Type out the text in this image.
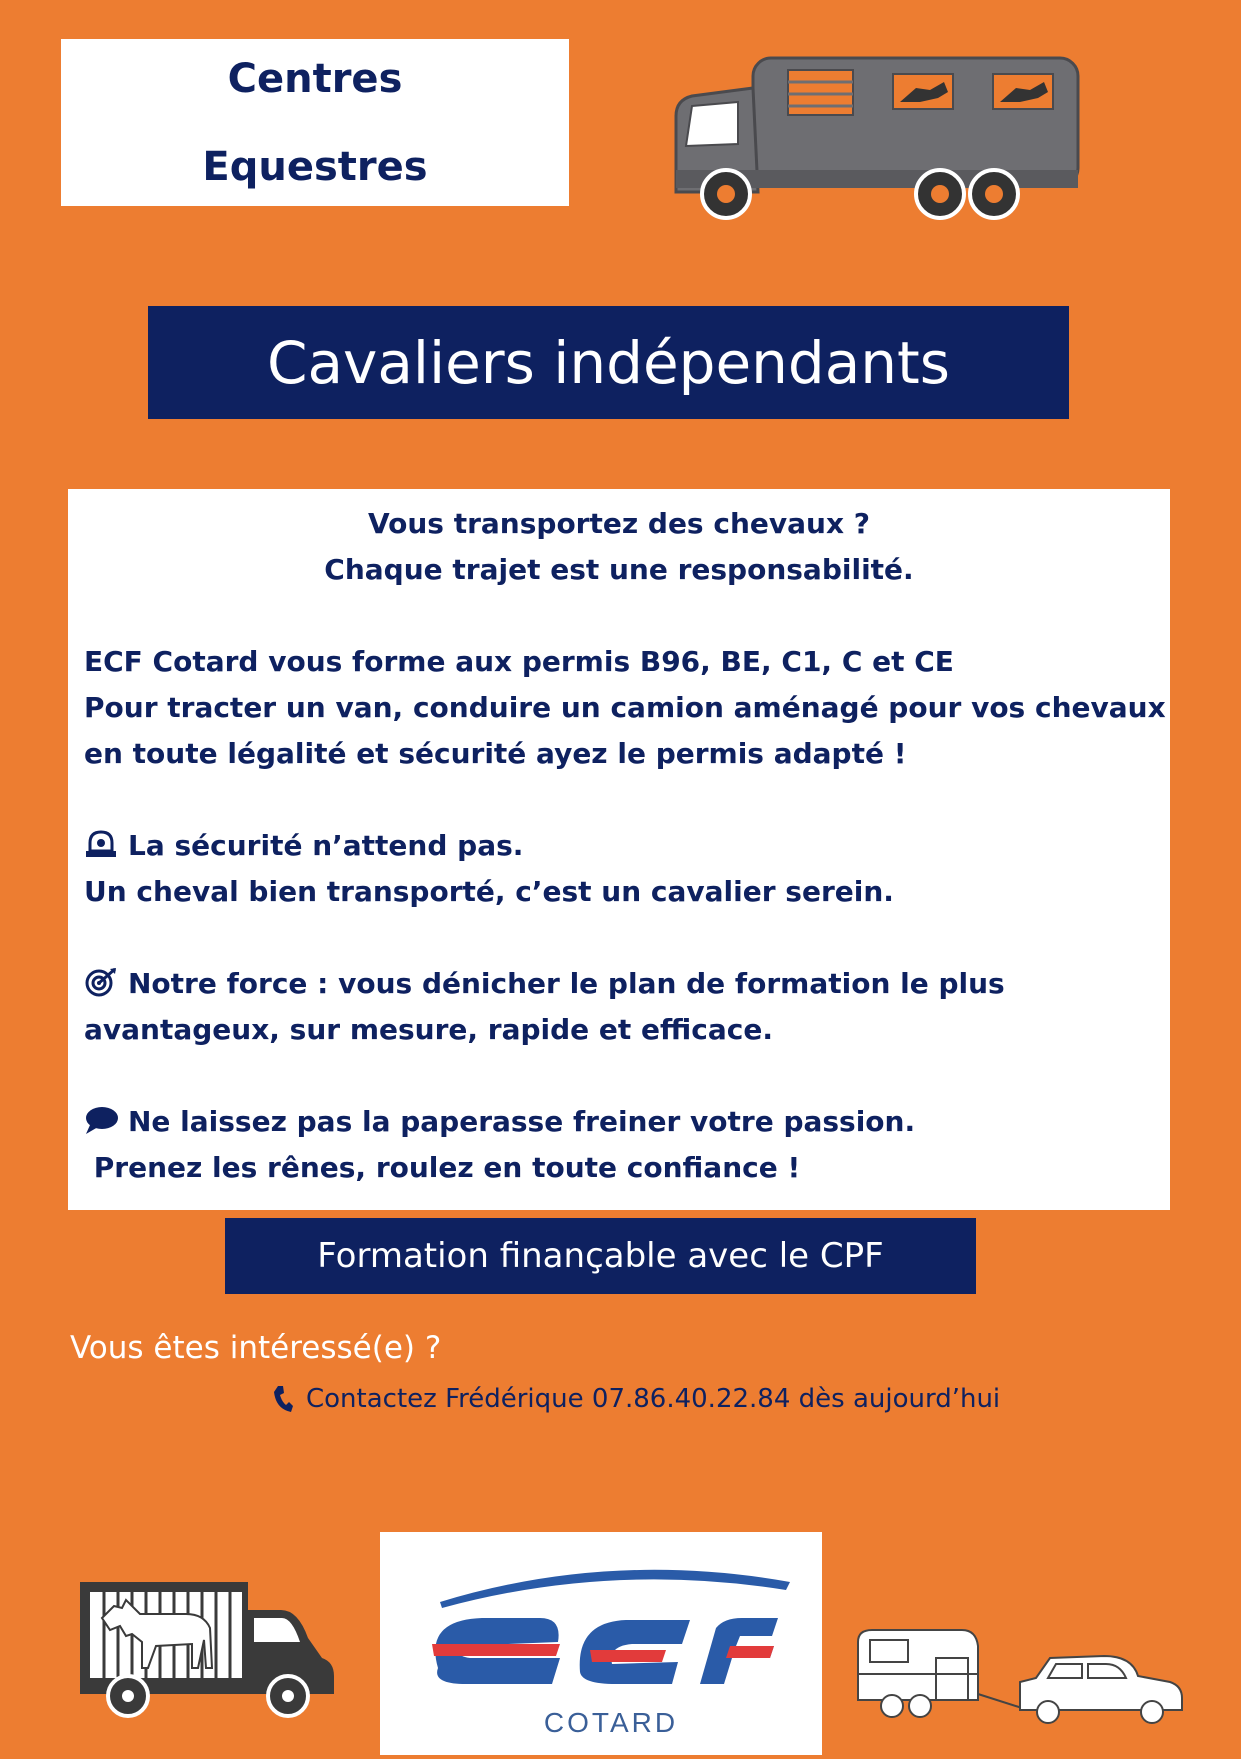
Centres
Equestres
Cavaliers indépendants
Vous transportez des chevaux ?
Chaque trajet est une responsabilité.
ECF Cotard vous forme aux permis B96, BE, C1, C et CE
Pour tracter un van, conduire un camion aménagé pour vos chevaux
en toute légalité et sécurité ayez le permis adapté !
La sécurité n’attend pas.
Un cheval bien transporté, c’est un cavalier serein.
Notre force : vous dénicher le plan de formation le plus
avantageux, sur mesure, rapide et efficace.
Ne laissez pas la paperasse freiner votre passion.
Prenez les rênes, roulez en toute confiance !
Formation finançable avec le CPF
Vous êtes intéressé(e) ?
Contactez Frédérique 07.86.40.22.84 dès aujourd’hui
COTARD
